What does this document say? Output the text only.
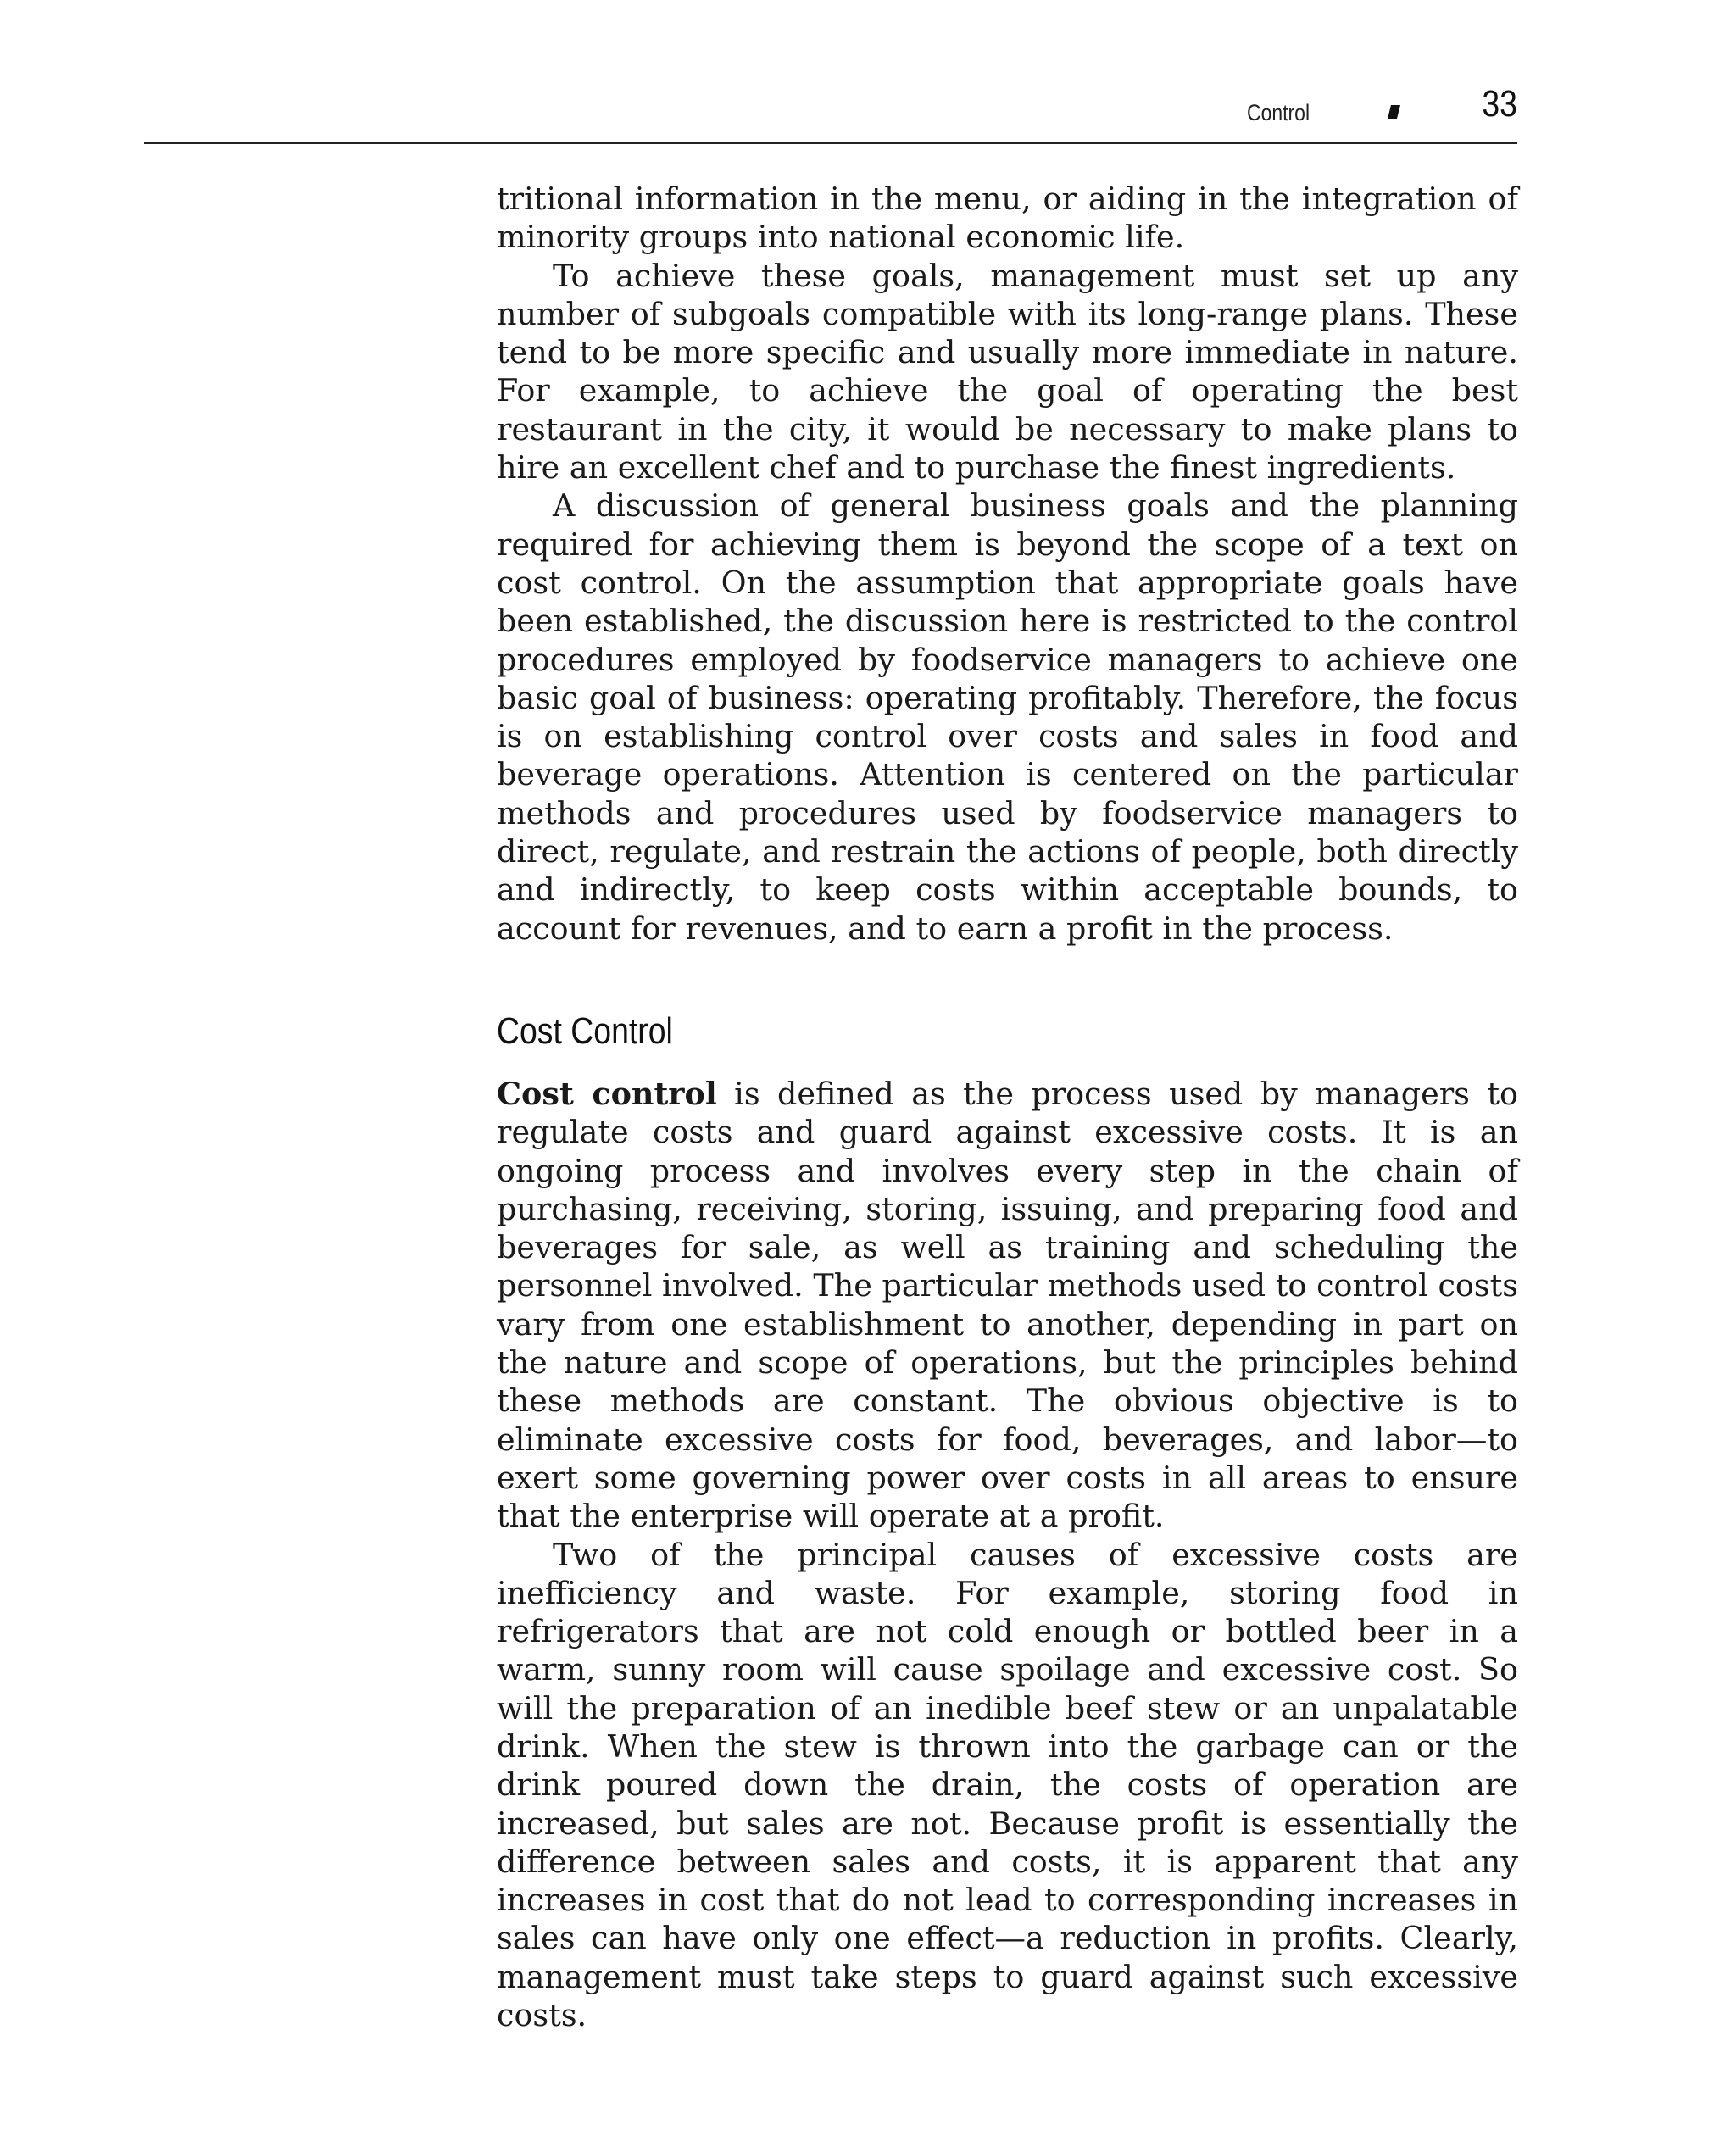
Control	33

tritional information in the menu, or aiding in the integration of minority groups into national economic life.

To achieve these goals, management must set up any number of subgoals compatible with its long-range plans. These tend to be more specific and usually more immediate in nature. For example, to achieve the goal of operating the best restaurant in the city, it would be necessary to make plans to hire an excellent chef and to purchase the finest ingredients.

A discussion of general business goals and the planning required for achieving them is beyond the scope of a text on cost control. On the assumption that appropriate goals have been established, the discussion here is restricted to the control procedures employed by foodservice managers to achieve one basic goal of business: operating profitably. Therefore, the focus is on establishing control over costs and sales in food and beverage operations. Attention is centered on the particular methods and procedures used by foodservice managers to direct, regulate, and restrain the actions of people, both directly and indirectly, to keep costs within acceptable bounds, to account for revenues, and to earn a profit in the process.

Cost Control

Cost control is defined as the process used by managers to regulate costs and guard against excessive costs. It is an ongoing process and involves every step in the chain of purchasing, receiving, storing, issuing, and preparing food and beverages for sale, as well as training and scheduling the personnel involved. The particular methods used to control costs vary from one establishment to another, depending in part on the nature and scope of operations, but the principles behind these methods are constant. The obvious objective is to eliminate excessive costs for food, beverages, and labor—to exert some governing power over costs in all areas to ensure that the enterprise will operate at a profit.

Two of the principal causes of excessive costs are inefficiency and waste. For example, storing food in refrigerators that are not cold enough or bottled beer in a warm, sunny room will cause spoilage and excessive cost. So will the preparation of an inedible beef stew or an unpalatable drink. When the stew is thrown into the garbage can or the drink poured down the drain, the costs of operation are increased, but sales are not. Because profit is essentially the difference between sales and costs, it is apparent that any increases in cost that do not lead to corresponding increases in sales can have only one effect—a reduction in profits. Clearly, management must take steps to guard against such excessive costs.
